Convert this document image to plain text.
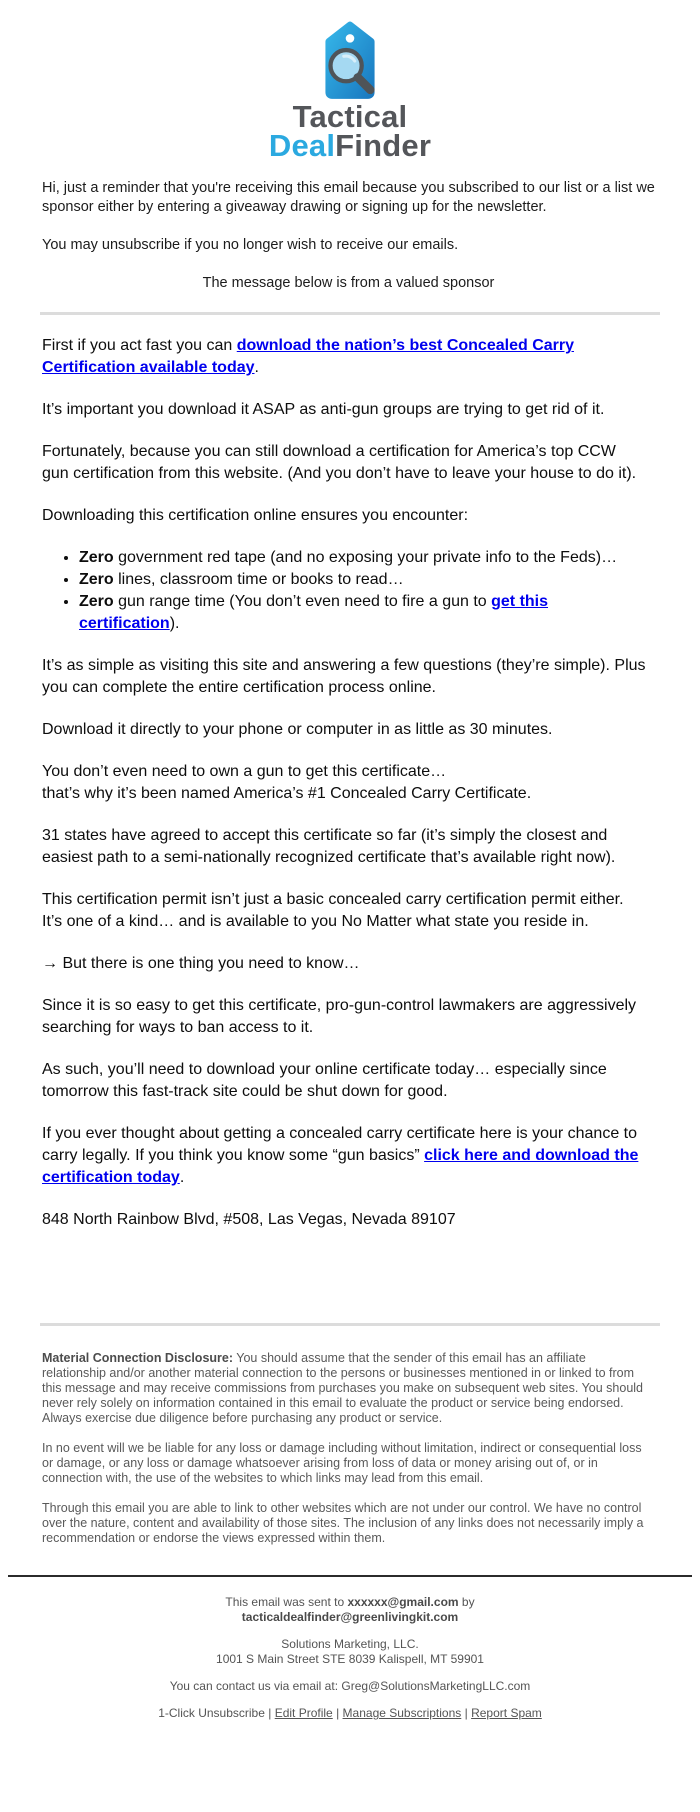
Tactical
DealFinder

Hi, just a reminder that you're receiving this email because you subscribed to our list or a list we sponsor either by entering a giveaway drawing or signing up for the newsletter.

You may unsubscribe if you no longer wish to receive our emails.

The message below is from a valued sponsor

First if you act fast you can download the nation’s best Concealed Carry Certification available today.

It’s important you download it ASAP as anti-gun groups are trying to get rid of it.

Fortunately, because you can still download a certification for America’s top CCW gun certification from this website. (And you don’t have to leave your house to do it).

Downloading this certification online ensures you encounter:

• Zero government red tape (and no exposing your private info to the Feds)…
• Zero lines, classroom time or books to read…
• Zero gun range time (You don’t even need to fire a gun to get this certification).

It’s as simple as visiting this site and answering a few questions (they’re simple). Plus you can complete the entire certification process online.

Download it directly to your phone or computer in as little as 30 minutes.

You don’t even need to own a gun to get this certificate…
that’s why it’s been named America’s #1 Concealed Carry Certificate.

31 states have agreed to accept this certificate so far (it’s simply the closest and easiest path to a semi-nationally recognized certificate that’s available right now).

This certification permit isn’t just a basic concealed carry certification permit either. It’s one of a kind… and is available to you No Matter what state you reside in.

→ But there is one thing you need to know…

Since it is so easy to get this certificate, pro-gun-control lawmakers are aggressively searching for ways to ban access to it.

As such, you’ll need to download your online certificate today… especially since tomorrow this fast-track site could be shut down for good.

If you ever thought about getting a concealed carry certificate here is your chance to carry legally. If you think you know some “gun basics” click here and download the certification today.

848 North Rainbow Blvd, #508, Las Vegas, Nevada 89107

Material Connection Disclosure: You should assume that the sender of this email has an affiliate relationship and/or another material connection to the persons or businesses mentioned in or linked to from this message and may receive commissions from purchases you make on subsequent web sites. You should never rely solely on information contained in this email to evaluate the product or service being endorsed. Always exercise due diligence before purchasing any product or service.

In no event will we be liable for any loss or damage including without limitation, indirect or consequential loss or damage, or any loss or damage whatsoever arising from loss of data or money arising out of, or in connection with, the use of the websites to which links may lead from this email.

Through this email you are able to link to other websites which are not under our control. We have no control over the nature, content and availability of those sites. The inclusion of any links does not necessarily imply a recommendation or endorse the views expressed within them.

This email was sent to xxxxxx@gmail.com by
tacticaldealfinder@greenlivingkit.com

Solutions Marketing, LLC.
1001 S Main Street STE 8039 Kalispell, MT 59901

You can contact us via email at: Greg@SolutionsMarketingLLC.com

1-Click Unsubscribe | Edit Profile | Manage Subscriptions | Report Spam
